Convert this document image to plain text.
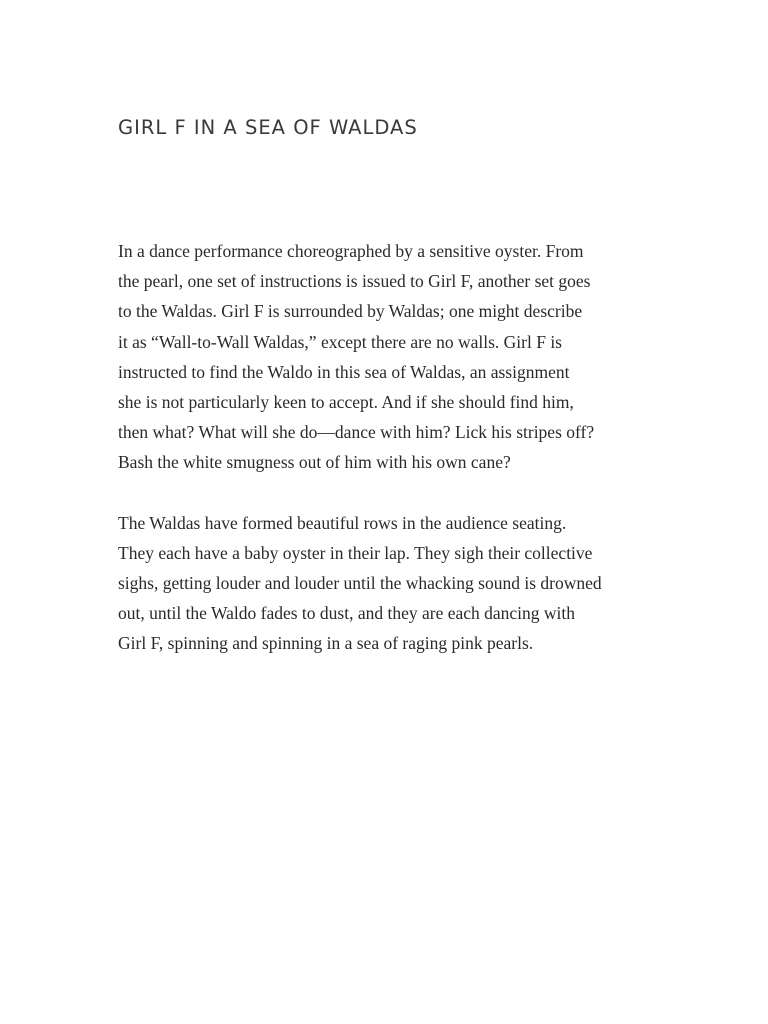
GIRL F IN A SEA OF WALDAS

In a dance performance choreographed by a sensitive oyster. From
the pearl, one set of instructions is issued to Girl F, another set goes
to the Waldas. Girl F is surrounded by Waldas; one might describe
it as “Wall-to-Wall Waldas,” except there are no walls. Girl F is
instructed to find the Waldo in this sea of Waldas, an assignment
she is not particularly keen to accept. And if she should find him,
then what? What will she do—dance with him? Lick his stripes off?
Bash the white smugness out of him with his own cane?

The Waldas have formed beautiful rows in the audience seating.
They each have a baby oyster in their lap. They sigh their collective
sighs, getting louder and louder until the whacking sound is drowned
out, until the Waldo fades to dust, and they are each dancing with
Girl F, spinning and spinning in a sea of raging pink pearls.
